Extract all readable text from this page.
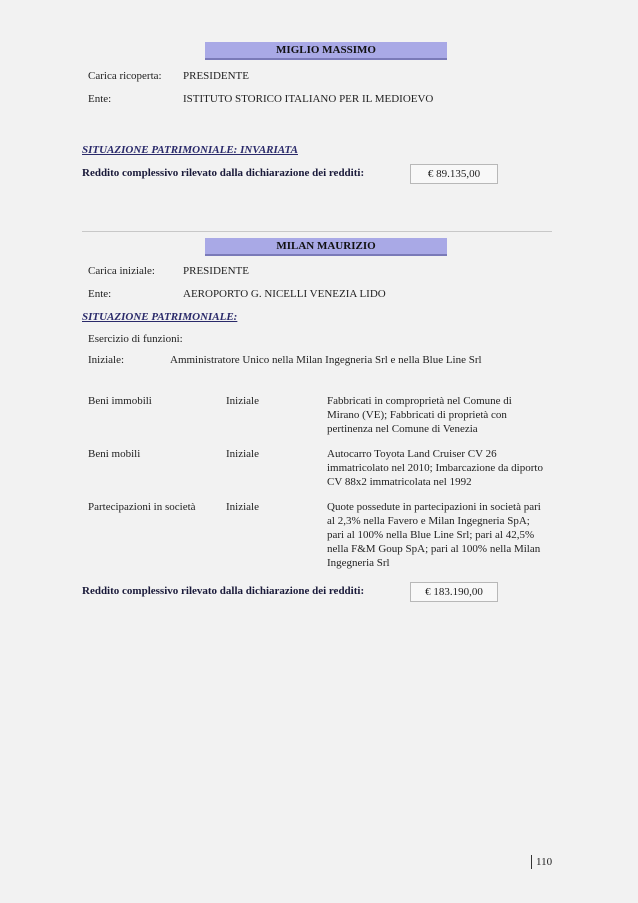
MIGLIO MASSIMO
Carica ricoperta: PRESIDENTE
Ente:	ISTITUTO STORICO ITALIANO PER IL MEDIOEVO
SITUAZIONE PATRIMONIALE: INVARIATA
Reddito complessivo rilevato dalla dichiarazione dei redditi:	€ 89.135,00
MILAN MAURIZIO
Carica iniziale:	PRESIDENTE
Ente:	AEROPORTO G. NICELLI VENEZIA LIDO
SITUAZIONE PATRIMONIALE:
Esercizio di funzioni:
Iniziale:	Amministratore Unico nella Milan Ingegneria Srl e nella Blue Line Srl
Beni immobili	Iniziale	Fabbricati in comproprietà nel Comune di
Mirano (VE); Fabbricati di proprietà con
pertinenza nel Comune di Venezia
Beni mobili	Iniziale	Autocarro Toyota Land Cruiser CV 26
immatricolato nel 2010; Imbarcazione da diporto
CV 88x2 immatricolata nel 1992
Partecipazioni in società	Iniziale	Quote possedute in partecipazioni in società pari
al 2,3% nella Favero e Milan Ingegneria SpA;
pari al 100% nella Blue Line Srl; pari al 42,5%
nella F&M Goup SpA; pari al 100% nella Milan
Ingegneria Srl
Reddito complessivo rilevato dalla dichiarazione dei redditi:	€ 183.190,00
110
